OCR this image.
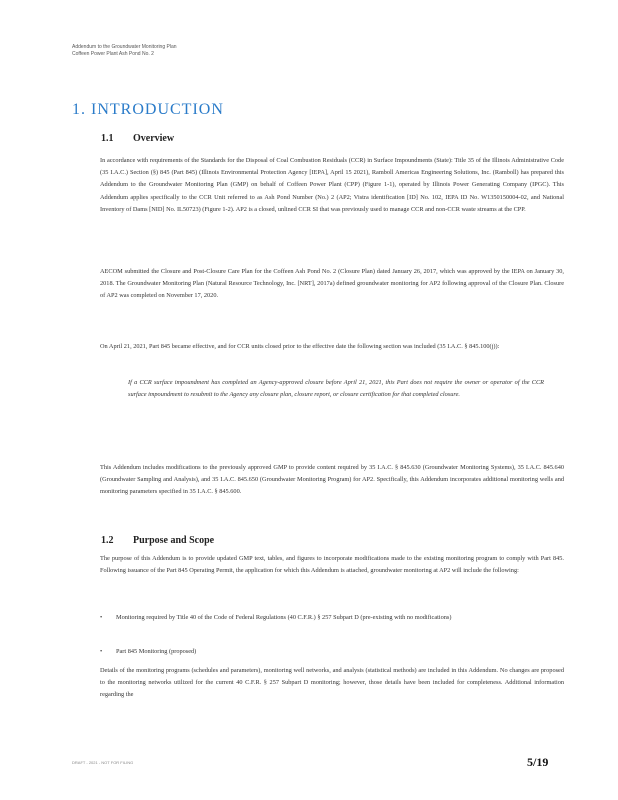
Addendum to the Groundwater Monitoring Plan
Coffeen Power Plant Ash Pond No. 2
1. INTRODUCTION
1.1 Overview
In accordance with requirements of the Standards for the Disposal of Coal Combustion Residuals (CCR) in Surface Impoundments (State): Title 35 of the Illinois Administrative Code (35 I.A.C.) Section (§) 845 (Part 845) (Illinois Environmental Protection Agency [IEPA], April 15 2021), Ramboll Americas Engineering Solutions, Inc. (Ramboll) has prepared this Addendum to the Groundwater Monitoring Plan (GMP) on behalf of Coffeen Power Plant (CPP) (Figure 1-1), operated by Illinois Power Generating Company (IPGC). This Addendum applies specifically to the CCR Unit referred to as Ash Pond Number (No.) 2 (AP2; Vistra identification [ID] No. 102, IEPA ID No. W1350150004-02, and National Inventory of Dams [NID] No. IL50723) (Figure 1-2). AP2 is a closed, unlined CCR SI that was previously used to manage CCR and non-CCR waste streams at the CPP.
AECOM submitted the Closure and Post-Closure Care Plan for the Coffeen Ash Pond No. 2 (Closure Plan) dated January 26, 2017, which was approved by the IEPA on January 30, 2018. The Groundwater Monitoring Plan (Natural Resource Technology, Inc. [NRT], 2017a) defined groundwater monitoring for AP2 following approval of the Closure Plan. Closure of AP2 was completed on November 17, 2020.
On April 21, 2021, Part 845 became effective, and for CCR units closed prior to the effective date the following section was included (35 I.A.C. § 845.100(j)):
If a CCR surface impoundment has completed an Agency-approved closure before April 21, 2021, this Part does not require the owner or operator of the CCR surface impoundment to resubmit to the Agency any closure plan, closure report, or closure certification for that completed closure.
This Addendum includes modifications to the previously approved GMP to provide content required by 35 I.A.C. § 845.630 (Groundwater Monitoring Systems), 35 I.A.C. 845.640 (Groundwater Sampling and Analysis), and 35 I.A.C. 845.650 (Groundwater Monitoring Program) for AP2. Specifically, this Addendum incorporates additional monitoring wells and monitoring parameters specified in 35 I.A.C. § 845.600.
1.2 Purpose and Scope
The purpose of this Addendum is to provide updated GMP text, tables, and figures to incorporate modifications made to the existing monitoring program to comply with Part 845. Following issuance of the Part 845 Operating Permit, the application for which this Addendum is attached, groundwater monitoring at AP2 will include the following:
• Monitoring required by Title 40 of the Code of Federal Regulations (40 C.F.R.) § 257 Subpart D (pre-existing with no modifications)
• Part 845 Monitoring (proposed)
Details of the monitoring programs (schedules and parameters), monitoring well networks, and analysis (statistical methods) are included in this Addendum. No changes are proposed to the monitoring networks utilized for the current 40 C.F.R. § 257 Subpart D monitoring; however, those details have been included for completeness. Additional information regarding the
DRAFT - 2021 - NOT FOR FILING	5/19
